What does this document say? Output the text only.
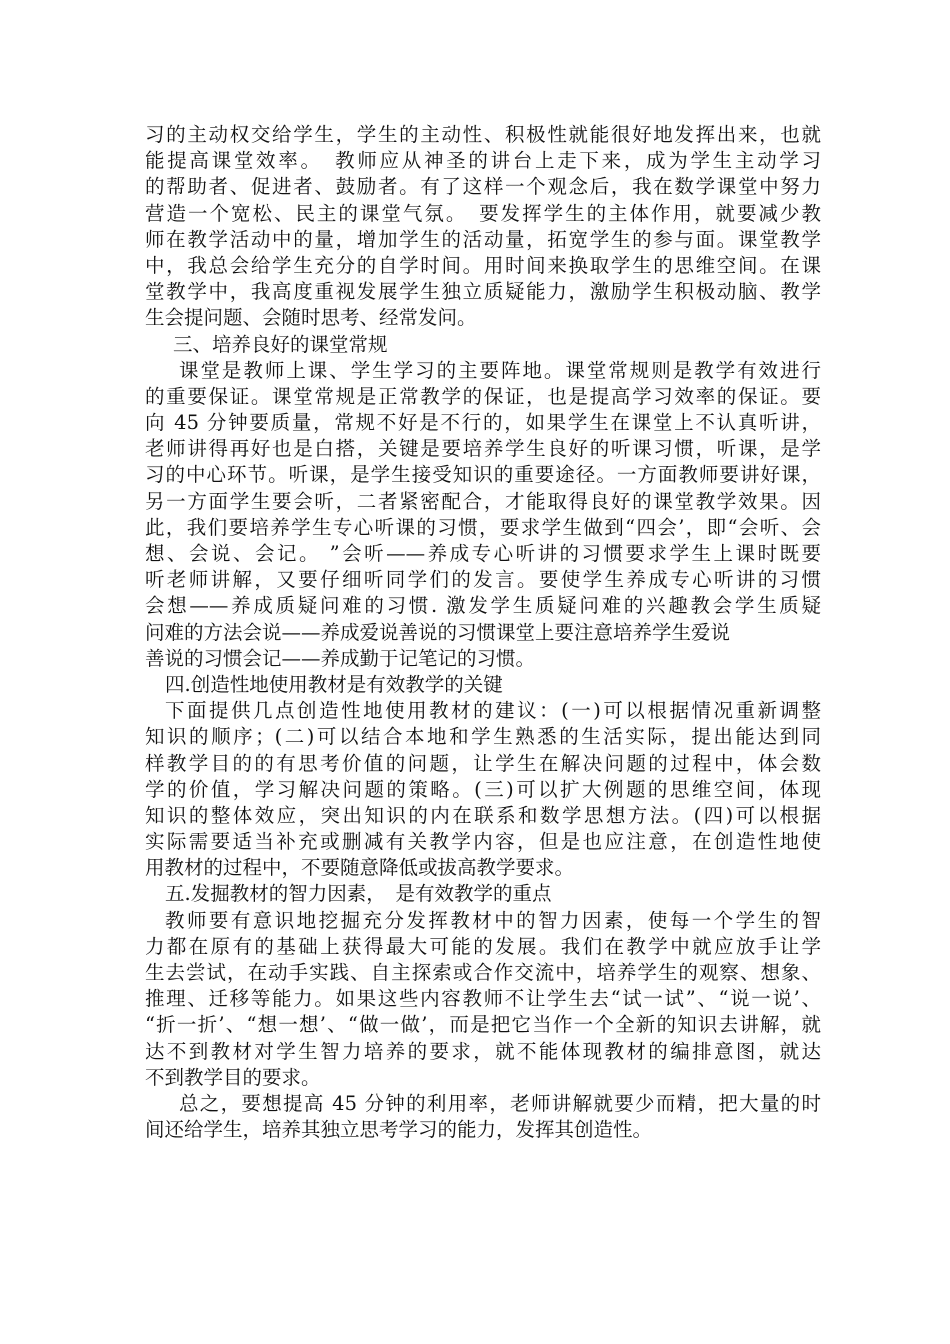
习的主动权交给学生，学生的主动性、积极性就能很好地发挥出来，也就
能提高课堂效率。　教师应从神圣的讲台上走下来，成为学生主动学习
的帮助者、促进者、鼓励者。有了这样一个观念后，我在数学课堂中努力
营造一个宽松、民主的课堂气氛。　要发挥学生的主体作用，就要减少教
师在教学活动中的量，增加学生的活动量，拓宽学生的参与面。课堂教学
中，我总会给学生充分的自学时间。用时间来换取学生的思维空间。在课
堂教学中，我高度重视发展学生独立质疑能力，激励学生积极动脑、教学
生会提问题、会随时思考、经常发问。
三、培养良好的课堂常规
课堂是教师上课、学生学习的主要阵地。课堂常规则是教学有效进行
的重要保证。课堂常规是正常教学的保证，也是提高学习效率的保证。要
向 45 分钟要质量，常规不好是不行的，如果学生在课堂上不认真听讲，
老师讲得再好也是白搭，关键是要培养学生良好的听课习惯，听课，是学
习的中心环节。听课，是学生接受知识的重要途径。一方面教师要讲好课，
另一方面学生要会听，二者紧密配合，才能取得良好的课堂教学效果。因
此，我们要培养学生专心听课的习惯，要求学生做到“四会’，即“会听、会
想、会说、会记。 ”会听——养成专心听讲的习惯要求学生上课时既要
听老师讲解，又要仔细听同学们的发言。要使学生养成专心听讲的习惯
会想——养成质疑问难的习惯. 激发学生质疑问难的兴趣教会学生质疑
问难的方法会说——养成爱说善说的习惯课堂上要注意培养学生爱说
善说的习惯会记——养成勤于记笔记的习惯。
四.创造性地使用教材是有效教学的关键
下面提供几点创造性地使用教材的建议：(一)可以根据情况重新调整
知识的顺序；(二)可以结合本地和学生熟悉的生活实际，提出能达到同
样教学目的的有思考价值的问题，让学生在解决问题的过程中，体会数
学的价值，学习解决问题的策略。(三)可以扩大例题的思维空间，体现
知识的整体效应，突出知识的内在联系和数学思想方法。(四)可以根据
实际需要适当补充或删减有关教学内容，但是也应注意，在创造性地使
用教材的过程中，不要随意降低或拔高教学要求。
五.发掘教材的智力因素，　是有效教学的重点
教师要有意识地挖掘充分发挥教材中的智力因素，使每一个学生的智
力都在原有的基础上获得最大可能的发展。我们在教学中就应放手让学
生去尝试，在动手实践、自主探索或合作交流中，培养学生的观察、想象、
推理、迁移等能力。如果这些内容教师不让学生去“试一试”、“说一说’、
“折一折’、“想一想’、“做一做’，而是把它当作一个全新的知识去讲解，就
达不到教材对学生智力培养的要求，就不能体现教材的编排意图，就达
不到教学目的要求。
总之，要想提高 45 分钟的利用率，老师讲解就要少而精，把大量的时
间还给学生，培养其独立思考学习的能力，发挥其创造性。
